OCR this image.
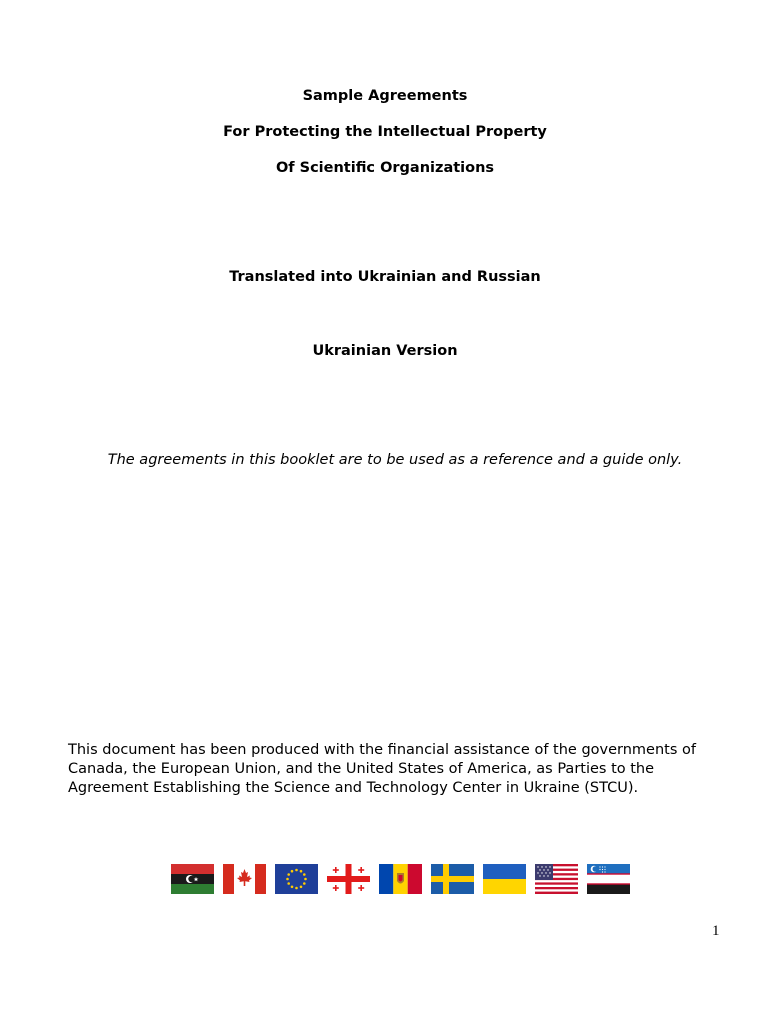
Sample Agreements
For Protecting the Intellectual Property
Of Scientific Organizations
Translated into Ukrainian and Russian
Ukrainian Version
The agreements in this booklet are to be used as a reference and a guide only.
This document has been produced with the financial assistance of the governments of Canada, the European Union, and the United States of America, as Parties to the Agreement Establishing the Science and Technology Center in Ukraine (STCU).
1
